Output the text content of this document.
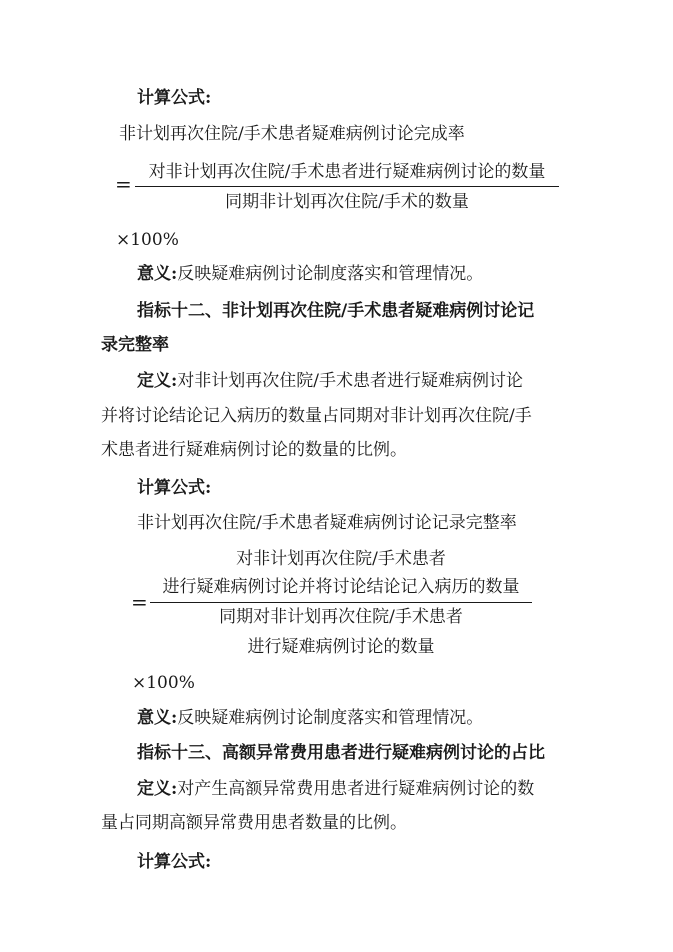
计算公式:
非计划再次住院/手术患者疑难病例讨论完成率
= 对非计划再次住院/手术患者进行疑难病例讨论的数量
同期非计划再次住院/手术的数量
×100%
意义:反映疑难病例讨论制度落实和管理情况。
指标十二、非计划再次住院/手术患者疑难病例讨论记
录完整率
定义:对非计划再次住院/手术患者进行疑难病例讨论
并将讨论结论记入病历的数量占同期对非计划再次住院/手
术患者进行疑难病例讨论的数量的比例。
计算公式:
非计划再次住院/手术患者疑难病例讨论记录完整率
对非计划再次住院/手术患者
=
进行疑难病例讨论并将讨论结论记入病历的数量
同期对非计划再次住院/手术患者
进行疑难病例讨论的数量
×100%
意义:反映疑难病例讨论制度落实和管理情况。
指标十三、高额异常费用患者进行疑难病例讨论的占比
定义:对产生高额异常费用患者进行疑难病例讨论的数
量占同期高额异常费用患者数量的比例。
计算公式:
